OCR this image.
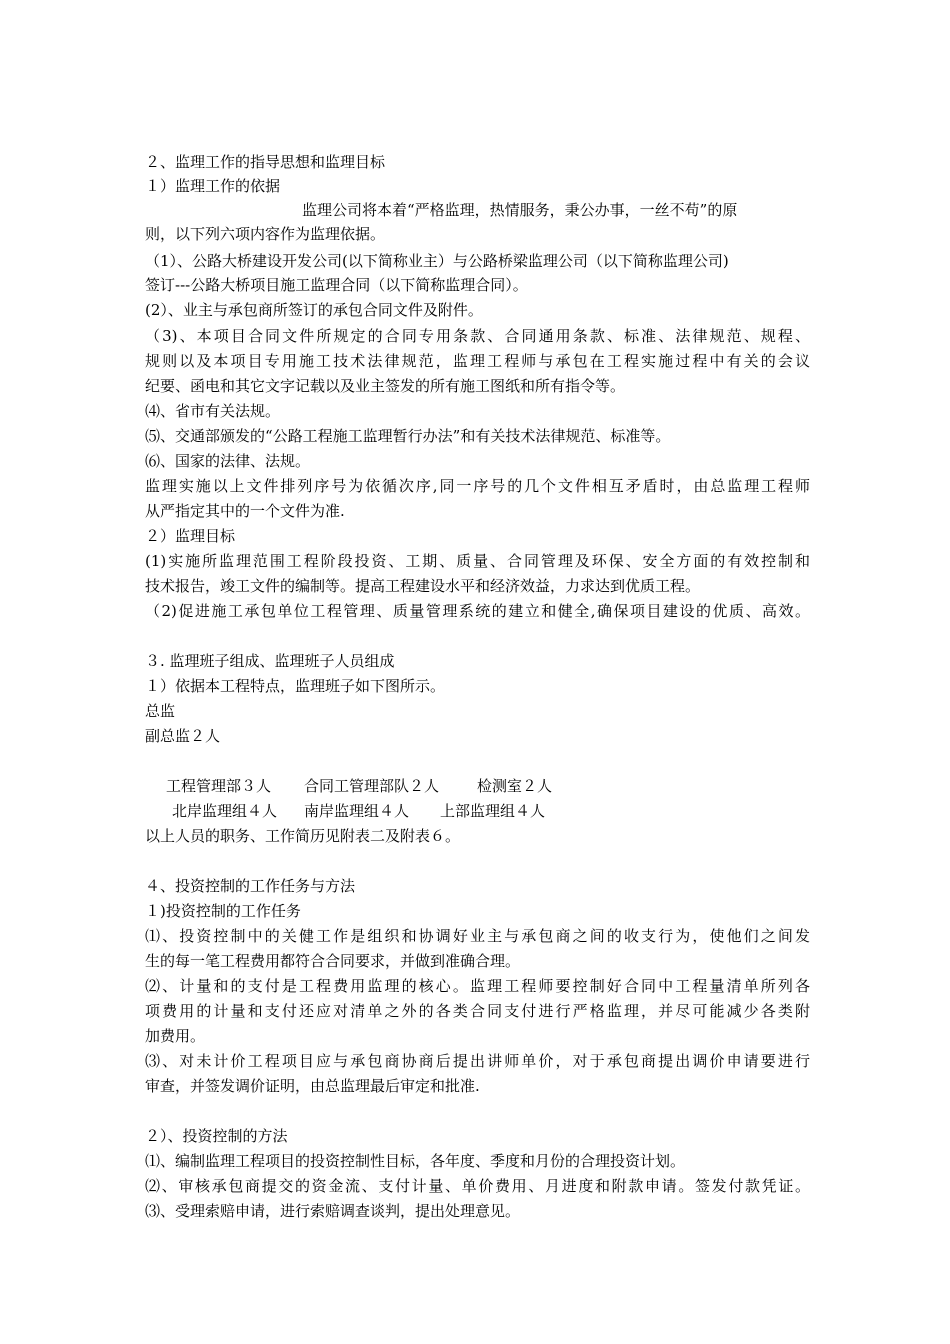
２、监理工作的指导思想和监理目标
１）监理工作的依据
监理公司将本着“严格监理，热情服务，秉公办事，一丝不苟”的原
则，以下列六项内容作为监理依据。
（1）、公路大桥建设开发公司(以下简称业主）与公路桥梁监理公司（以下简称监理公司)
签订---公路大桥项目施工监理合同（以下简称监理合同）。
(2）、业主与承包商所签订的承包合同文件及附件。
（3)、本项目合同文件所规定的合同专用条款、合同通用条款、标准、法律规范、规程、
规则以及本项目专用施工技术法律规范，监理工程师与承包在工程实施过程中有关的会议
纪要、函电和其它文字记载以及业主签发的所有施工图纸和所有指令等。
⑷、省市有关法规。
⑸、交通部颁发的“公路工程施工监理暂行办法”和有关技术法律规范、标准等。
⑹、国家的法律、法规。
监理实施以上文件排列序号为依循次序,同一序号的几个文件相互矛盾时，由总监理工程师
从严指定其中的一个文件为准.
２）监理目标
(1)实施所监理范围工程阶段投资、工期、质量、合同管理及环保、安全方面的有效控制和
技术报告，竣工文件的编制等。提高工程建设水平和经济效益，力求达到优质工程。
（2)促进施工承包单位工程管理、质量管理系统的建立和健全,确保项目建设的优质、高效。
３. 监理班子组成、监理班子人员组成
１）依据本工程特点，监理班子如下图所示。
总监
副总监２人
工程管理部３人 合同工管理部队２人	检测室２人
北岸监理组４人 南岸监理组４人 上部监理组４人
以上人员的职务、工作简历见附表二及附表６。
４、投资控制的工作任务与方法
１)投资控制的工作任务
⑴、投资控制中的关健工作是组织和协调好业主与承包商之间的收支行为，使他们之间发
生的每一笔工程费用都符合合同要求，并做到准确合理。
⑵、计量和的支付是工程费用监理的核心。监理工程师要控制好合同中工程量清单所列各
项费用的计量和支付还应对清单之外的各类合同支付进行严格监理，并尽可能减少各类附
加费用。
⑶、对未计价工程项目应与承包商协商后提出讲师单价，对于承包商提出调价申请要进行
审查，并签发调价证明，由总监理最后审定和批准.
２）、投资控制的方法
⑴、编制监理工程项目的投资控制性目标，各年度、季度和月份的合理投资计划。
⑵、审核承包商提交的资金流、支付计量、单价费用、月进度和附款申请。签发付款凭证。
⑶、受理索赔申请，进行索赔调查谈判，提出处理意见。
